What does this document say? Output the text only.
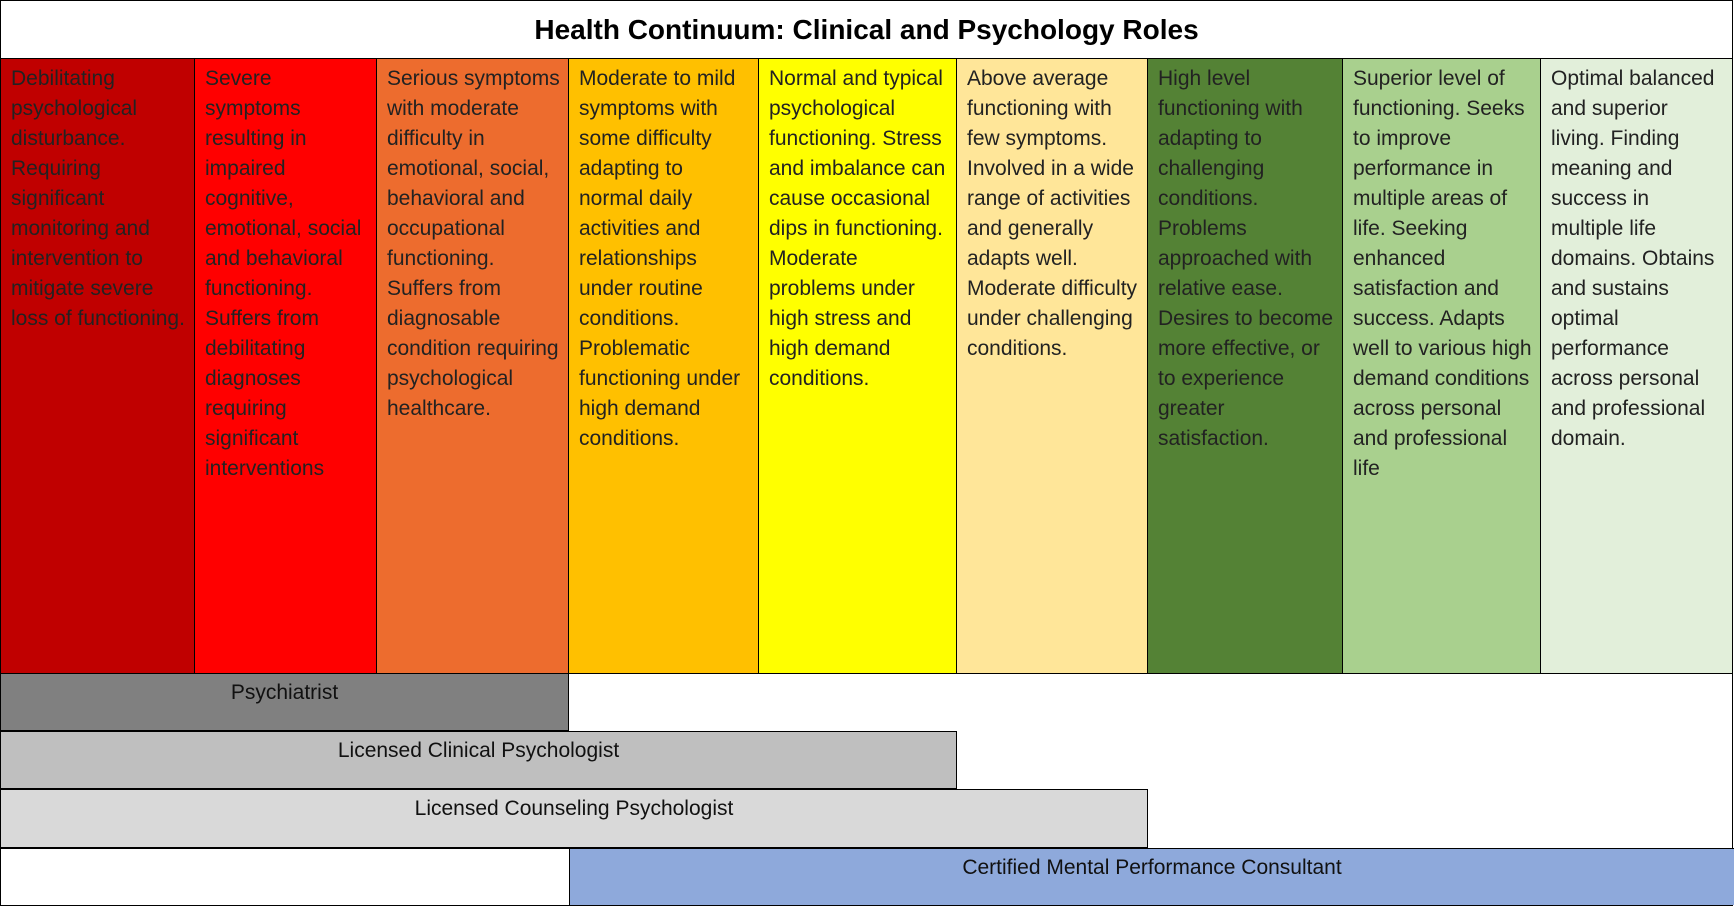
Health Continuum: Clinical and Psychology Roles
Debilitating psychological disturbance. Requiring significant monitoring and intervention to mitigate severe loss of functioning.
Severe symptoms resulting in impaired cognitive, emotional, social and behavioral functioning. Suffers from debilitating diagnoses requiring significant interventions
Serious symptoms with moderate difficulty in emotional, social, behavioral and occupational functioning. Suffers from diagnosable condition requiring psychological healthcare.
Moderate to mild symptoms with some difficulty adapting to normal daily activities and relationships under routine conditions. Problematic functioning under high demand conditions.
Normal and typical psychological functioning. Stress and imbalance can cause occasional dips in functioning. Moderate problems under high stress and high demand conditions.
Above average functioning with few symptoms. Involved in a wide range of activities and generally adapts well. Moderate difficulty under challenging conditions.
High level functioning with adapting to challenging conditions. Problems approached with relative ease. Desires to become more effective, or to experience greater satisfaction.
Superior level of functioning. Seeks to improve performance in multiple areas of life. Seeking enhanced satisfaction and success. Adapts well to various high demand conditions across personal and professional life
Optimal balanced and superior living. Finding meaning and success in multiple life domains. Obtains and sustains optimal performance across personal and professional domain.
Psychiatrist
Licensed Clinical Psychologist
Licensed Counseling Psychologist
Certified Mental Performance Consultant
